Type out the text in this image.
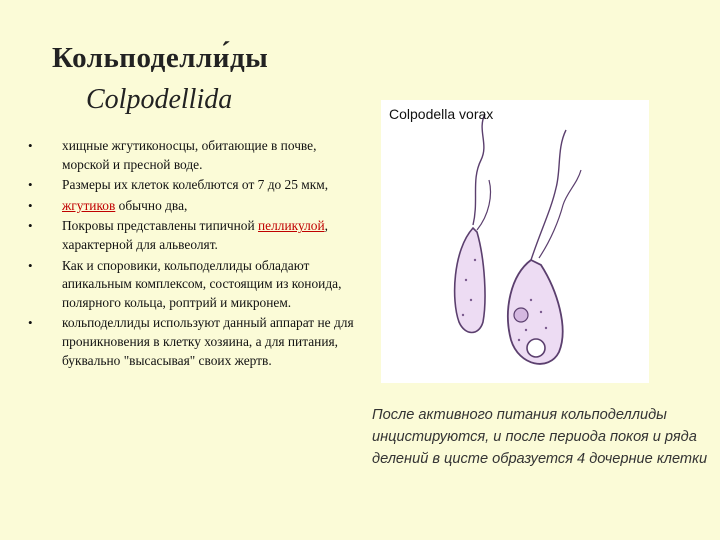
Кольподелли́ды
Colpodellida
• хищные жгутиконосцы, обитающие в почве, морской и пресной воде.
• Размеры их клеток колеблются от 7 до 25 мкм,
• жгутиков обычно два,
• Покровы представлены типичной пелликулой, характерной для альвеолят.
• Как и споровики, кольподеллиды обладают апикальным комплексом, состоящим из коноида, полярного кольца, роптрий и микронем.
• кольподеллиды используют данный аппарат не для проникновения в клетку хозяина, а для питания, буквально "высасывая" своих жертв.
Colpodella vorax
После активного питания кольподеллиды инцистируются, и после периода покоя и ряда делений в цисте образуется 4 дочерние клетки
